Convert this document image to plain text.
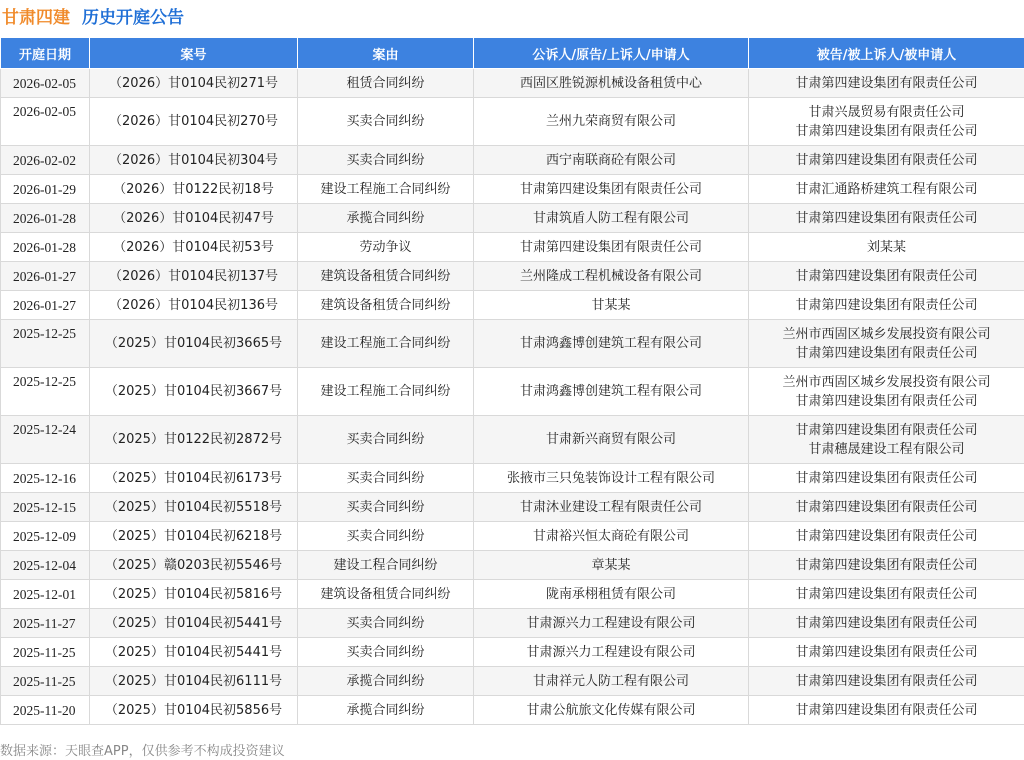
甘肃四建 历史开庭公告
开庭日期	案号	案由	公诉人/原告/上诉人/申请人	被告/被上诉人/被申请人
2026-02-05	（2026）甘0104民初271号	租赁合同纠纷	西固区胜锐源机械设备租赁中心	甘肃第四建设集团有限责任公司

2026-02-05	（2026）甘0104民初270号	买卖合同纠纷	兰州九荣商贸有限公司	甘肃兴晟贸易有限责任公司
甘肃第四建设集团有限责任公司

2026-02-02	（2026）甘0104民初304号	买卖合同纠纷	西宁南联商砼有限公司	甘肃第四建设集团有限责任公司

2026-01-29	（2026）甘0122民初18号	建设工程施工合同纠纷	甘肃第四建设集团有限责任公司	甘肃汇通路桥建筑工程有限公司

2026-01-28	（2026）甘0104民初47号	承揽合同纠纷	甘肃筑盾人防工程有限公司	甘肃第四建设集团有限责任公司

2026-01-28	（2026）甘0104民初53号	劳动争议	甘肃第四建设集团有限责任公司	刘某某

2026-01-27	（2026）甘0104民初137号	建筑设备租赁合同纠纷	兰州隆成工程机械设备有限公司	甘肃第四建设集团有限责任公司

2026-01-27	（2026）甘0104民初136号	建筑设备租赁合同纠纷	甘某某	甘肃第四建设集团有限责任公司

2025-12-25	（2025）甘0104民初3665号	建设工程施工合同纠纷	甘肃鸿鑫博创建筑工程有限公司	兰州市西固区城乡发展投资有限公司
甘肃第四建设集团有限责任公司

2025-12-25	（2025）甘0104民初3667号	建设工程施工合同纠纷	甘肃鸿鑫博创建筑工程有限公司	兰州市西固区城乡发展投资有限公司
甘肃第四建设集团有限责任公司

2025-12-24	（2025）甘0122民初2872号	买卖合同纠纷	甘肃新兴商贸有限公司	甘肃第四建设集团有限责任公司
甘肃穗晟建设工程有限公司

2025-12-16	（2025）甘0104民初6173号	买卖合同纠纷	张掖市三只兔装饰设计工程有限公司	甘肃第四建设集团有限责任公司

2025-12-15	（2025）甘0104民初5518号	买卖合同纠纷	甘肃沐业建设工程有限责任公司	甘肃第四建设集团有限责任公司

2025-12-09	（2025）甘0104民初6218号	买卖合同纠纷	甘肃裕兴恒太商砼有限公司	甘肃第四建设集团有限责任公司

2025-12-04	（2025）赣0203民初5546号	建设工程合同纠纷	章某某	甘肃第四建设集团有限责任公司

2025-12-01	（2025）甘0104民初5816号	建筑设备租赁合同纠纷	陇南承栩租赁有限公司	甘肃第四建设集团有限责任公司

2025-11-27	（2025）甘0104民初5441号	买卖合同纠纷	甘肃源兴力工程建设有限公司	甘肃第四建设集团有限责任公司

2025-11-25	（2025）甘0104民初5441号	买卖合同纠纷	甘肃源兴力工程建设有限公司	甘肃第四建设集团有限责任公司

2025-11-25	（2025）甘0104民初6111号	承揽合同纠纷	甘肃祥元人防工程有限公司	甘肃第四建设集团有限责任公司

2025-11-20	（2025）甘0104民初5856号	承揽合同纠纷	甘肃公航旅文化传媒有限公司	甘肃第四建设集团有限责任公司
数据来源：天眼查APP，仅供参考不构成投资建议
